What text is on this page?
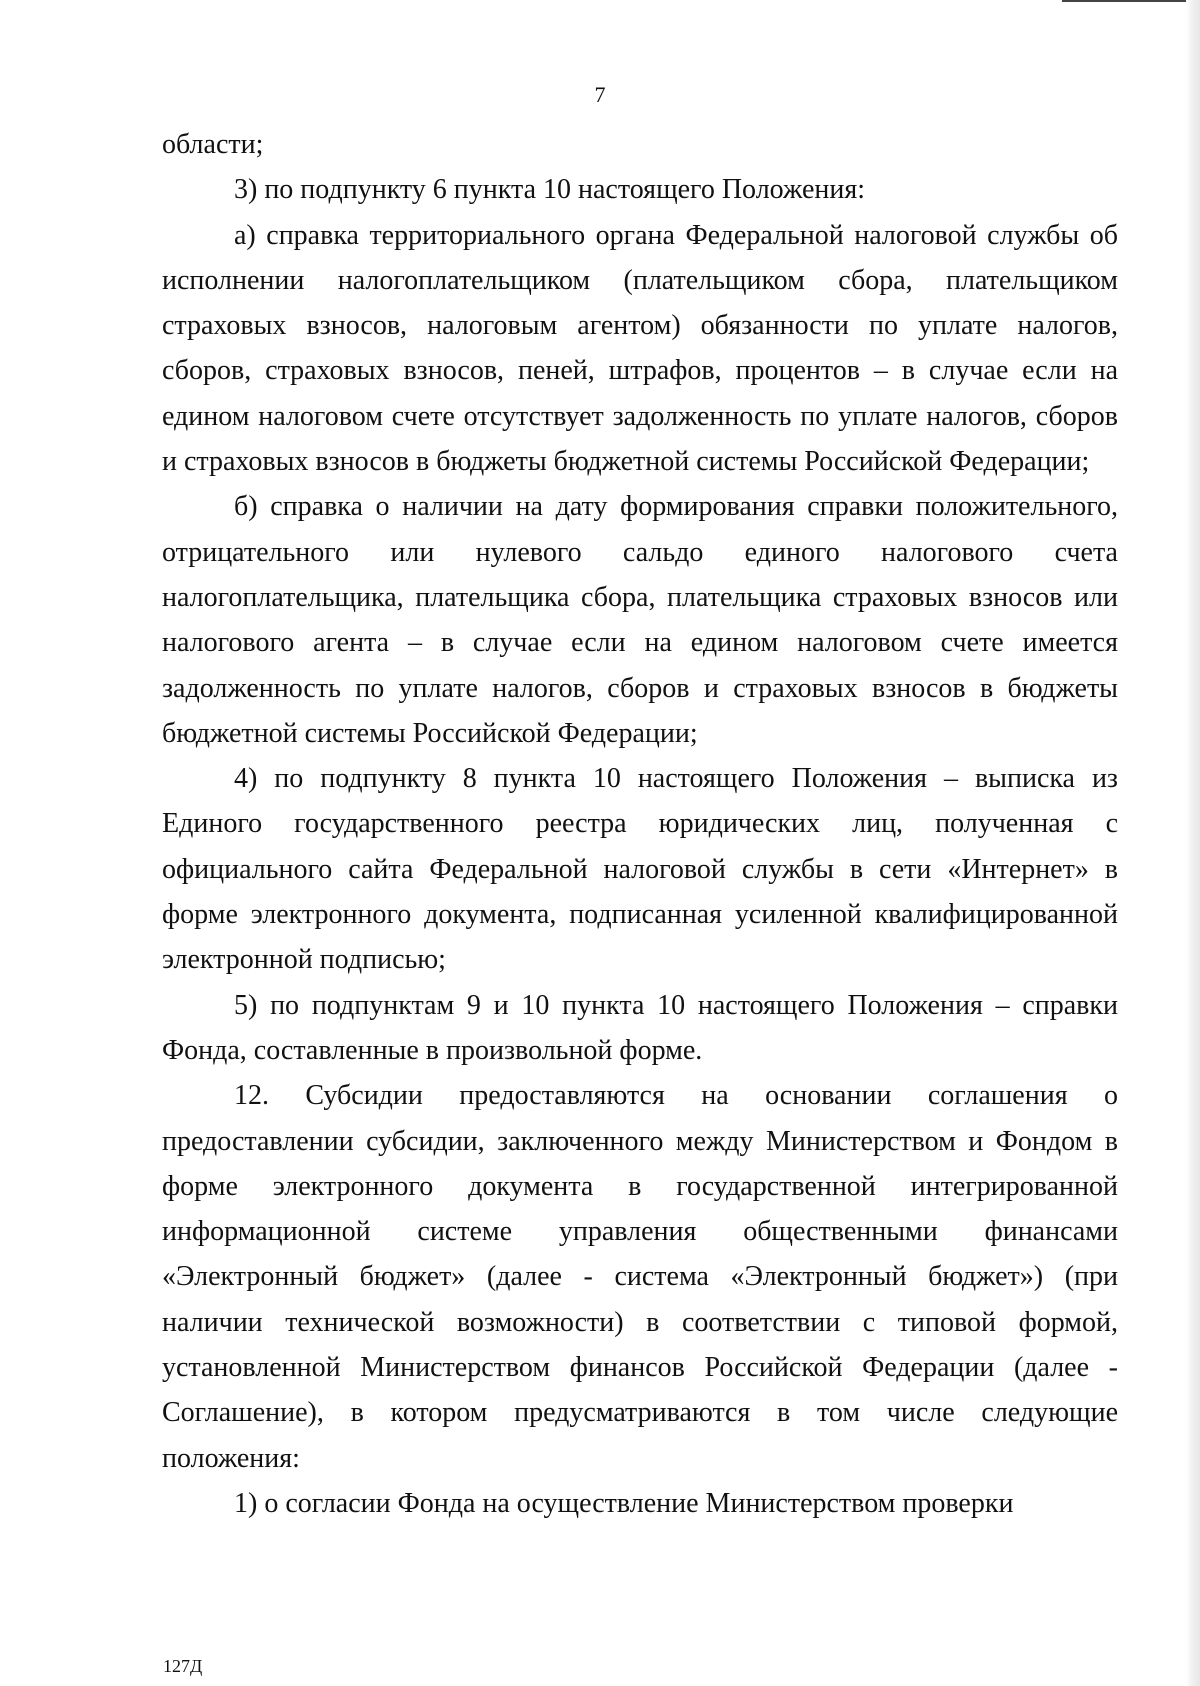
7

области;

3) по подпункту 6 пункта 10 настоящего Положения:

а) справка территориального органа Федеральной налоговой службы об исполнении налогоплательщиком (плательщиком сбора, плательщиком страховых взносов, налоговым агентом) обязанности по уплате налогов, сборов, страховых взносов, пеней, штрафов, процентов – в случае если на едином налоговом счете отсутствует задолженность по уплате налогов, сборов и страховых взносов в бюджеты бюджетной системы Российской Федерации;

б) справка о наличии на дату формирования справки положительного, отрицательного или нулевого сальдо единого налогового счета налогоплательщика, плательщика сбора, плательщика страховых взносов или налогового агента – в случае если на едином налоговом счете имеется задолженность по уплате налогов, сборов и страховых взносов в бюджеты бюджетной системы Российской Федерации;

4) по подпункту 8 пункта 10 настоящего Положения – выписка из Единого государственного реестра юридических лиц, полученная с официального сайта Федеральной налоговой службы в сети «Интернет» в форме электронного документа, подписанная усиленной квалифицированной электронной подписью;

5) по подпунктам 9 и 10 пункта 10 настоящего Положения – справки Фонда, составленные в произвольной форме.

12. Субсидии предоставляются на основании соглашения о предоставлении субсидии, заключенного между Министерством и Фондом в форме электронного документа в государственной интегрированной информационной системе управления общественными финансами «Электронный бюджет» (далее - система «Электронный бюджет») (при наличии технической возможности) в соответствии с типовой формой, установленной Министерством финансов Российской Федерации (далее - Соглашение), в котором предусматриваются в том числе следующие положения:

1) о согласии Фонда на осуществление Министерством проверки

127Д
